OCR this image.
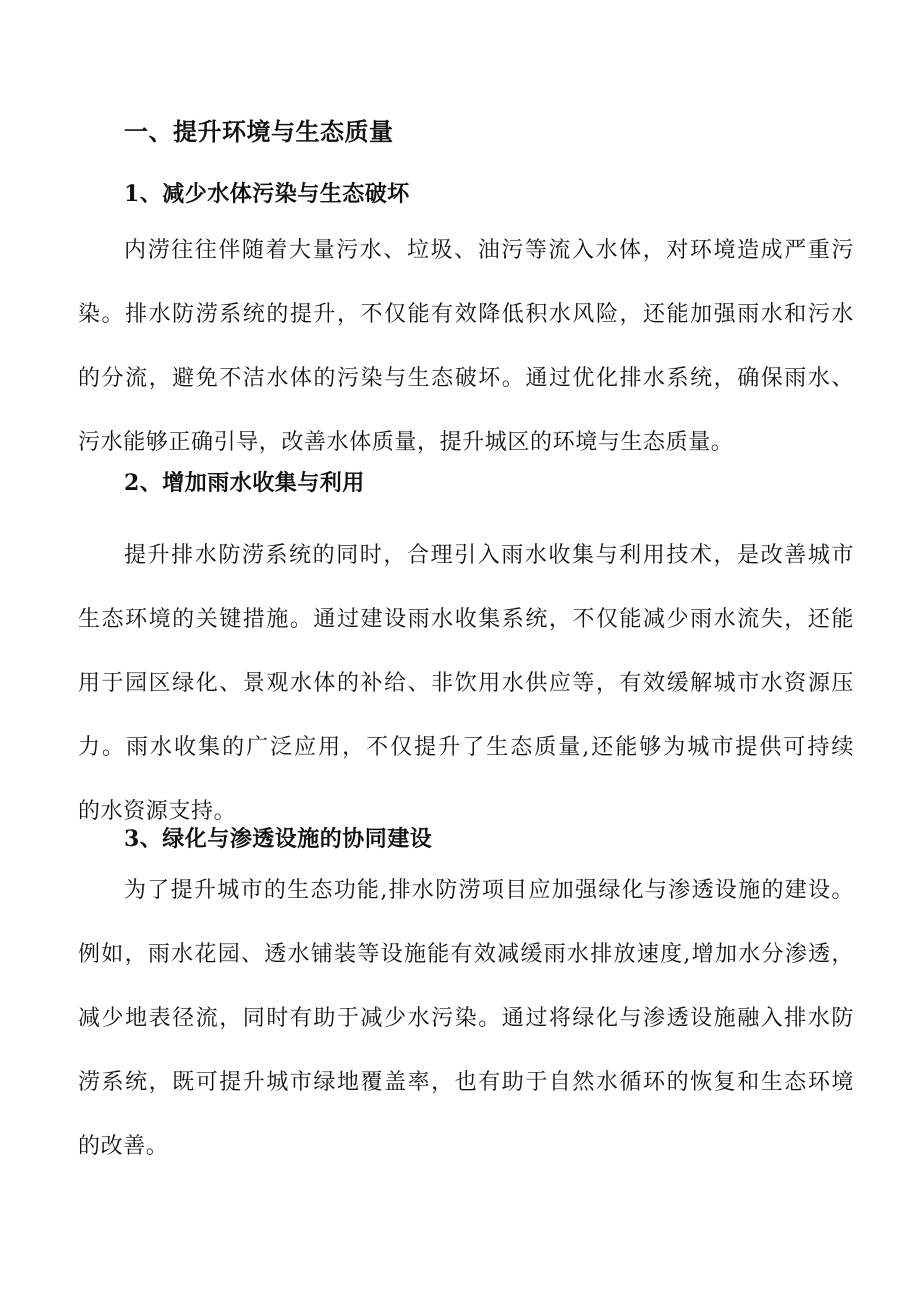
一、提升环境与生态质量
1、减少水体污染与生态破坏
内涝往往伴随着大量污水、垃圾、油污等流入水体，对环境造成严重污
染。排水防涝系统的提升，不仅能有效降低积水风险，还能加强雨水和污水
的分流，避免不洁水体的污染与生态破坏。通过优化排水系统，确保雨水、
污水能够正确引导，改善水体质量，提升城区的环境与生态质量。
2、增加雨水收集与利用
提升排水防涝系统的同时，合理引入雨水收集与利用技术，是改善城市
生态环境的关键措施。通过建设雨水收集系统，不仅能减少雨水流失，还能
用于园区绿化、景观水体的补给、非饮用水供应等，有效缓解城市水资源压
力。雨水收集的广泛应用，不仅提升了生态质量,还能够为城市提供可持续
的水资源支持。
3、绿化与渗透设施的协同建设
为了提升城市的生态功能,排水防涝项目应加强绿化与渗透设施的建设。
例如，雨水花园、透水铺装等设施能有效减缓雨水排放速度,增加水分渗透，
减少地表径流，同时有助于减少水污染。通过将绿化与渗透设施融入排水防
涝系统，既可提升城市绿地覆盖率，也有助于自然水循环的恢复和生态环境
的改善。
